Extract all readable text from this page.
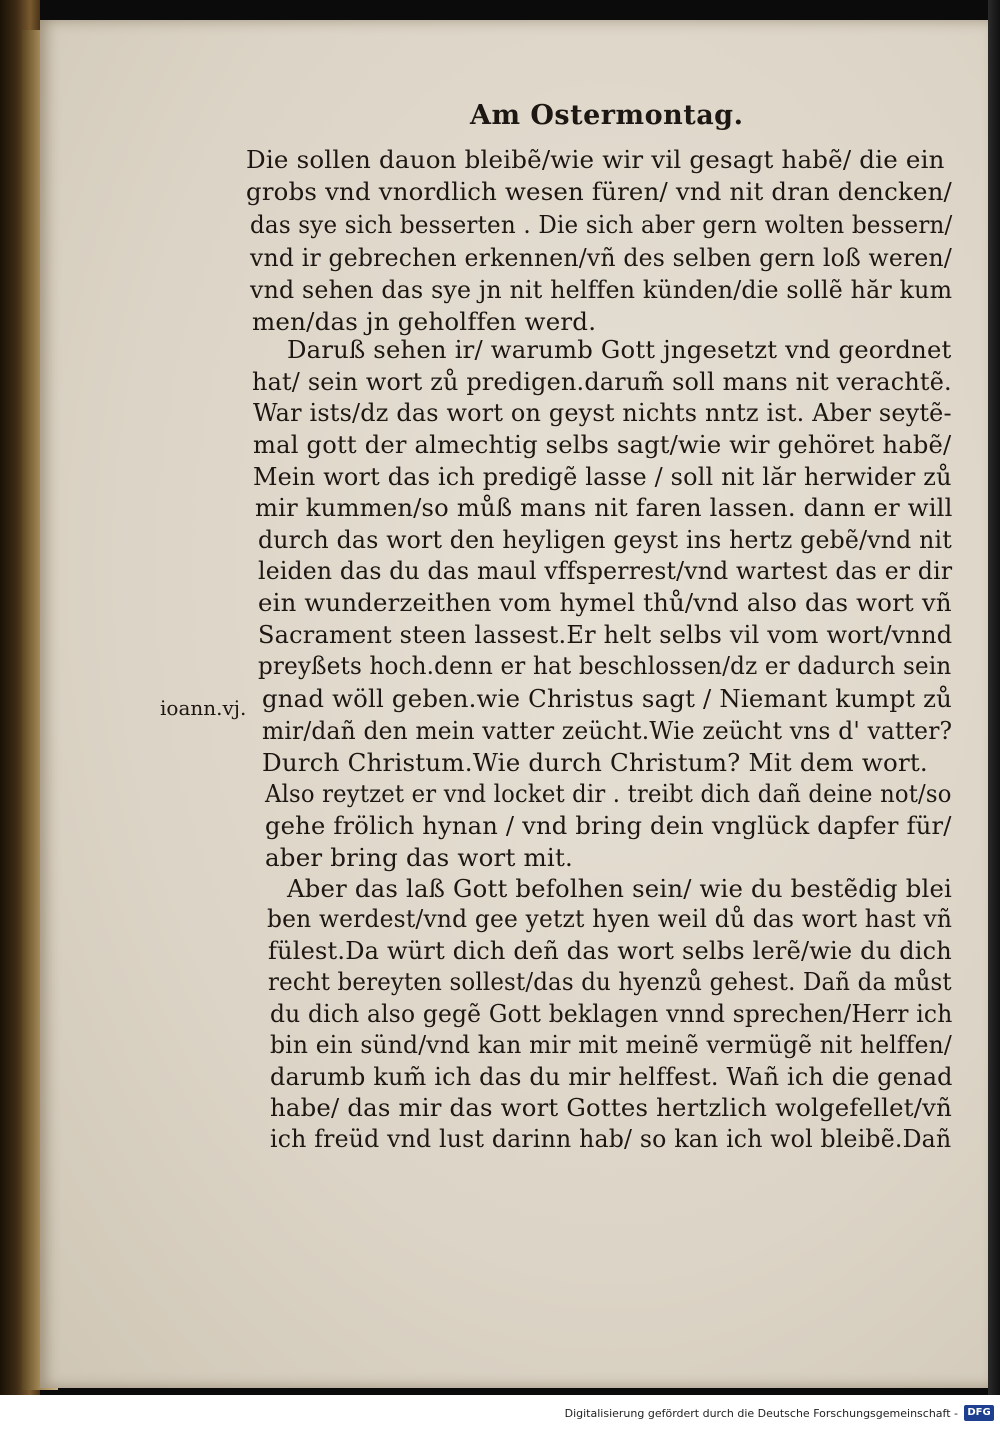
Am Ostermontag.
Die sollen dauon bleibẽ/wie wir vil gesagt habẽ/ die ein
grobs vnd vnordlich wesen füren/ vnd nit dran dencken/
das sye sich besserten . Die sich aber gern wolten bessern/
vnd ir gebrechen erkennen/vñ des selben gern loß weren/
vnd sehen das sye jn nit helffen künden/die sollẽ hăr kum
men/das jn geholffen werd.
Daruß sehen ir/ warumb Gott jngesetzt vnd geordnet
hat/ sein wort zů predigen.darum̃ soll mans nit verachtẽ.
War ists/dz das wort on geyst nichts nntz ist. Aber seytẽ-
mal gott der almechtig selbs sagt/wie wir gehöret habẽ/
Mein wort das ich predigẽ lasse / soll nit lăr herwider zů
mir kummen/so můß mans nit faren lassen. dann er will
durch das wort den heyligen geyst ins hertz gebẽ/vnd nit
leiden das du das maul vffsperrest/vnd wartest das er dir
ein wunderzeithen vom hymel thů/vnd also das wort vñ
Sacrament steen lassest.Er helt selbs vil vom wort/vnnd
preyßets hoch.denn er hat beschlossen/dz er dadurch sein
gnad wöll geben.wie Christus sagt / Niemant kumpt zů
mir/dañ den mein vatter zeücht.Wie zeücht vns d' vatter?
Durch Christum.Wie durch Christum? Mit dem wort.
Also reytzet er vnd locket dir . treibt dich dañ deine not/so
gehe frölich hynan / vnd bring dein vnglück dapfer für/
aber bring das wort mit.
Aber das laß Gott befolhen sein/ wie du bestẽdig blei
ben werdest/vnd gee yetzt hyen weil dů das wort hast vñ
fülest.Da würt dich deñ das wort selbs lerẽ/wie du dich
recht bereyten sollest/das du hyenzů gehest. Dañ da můst
du dich also gegẽ Gott beklagen vnnd sprechen/Herr ich
bin ein sünd/vnd kan mir mit meinẽ vermügẽ nit helffen/
darumb kum̃ ich das du mir helffest. Wañ ich die genad
habe/ das mir das wort Gottes hertzlich wolgefellet/vñ
ich freüd vnd lust darinn hab/ so kan ich wol bleibẽ.Dañ
ioann.vj.
Digitalisierung gefördert durch die Deutsche Forschungsgemeinschaft - DFG
